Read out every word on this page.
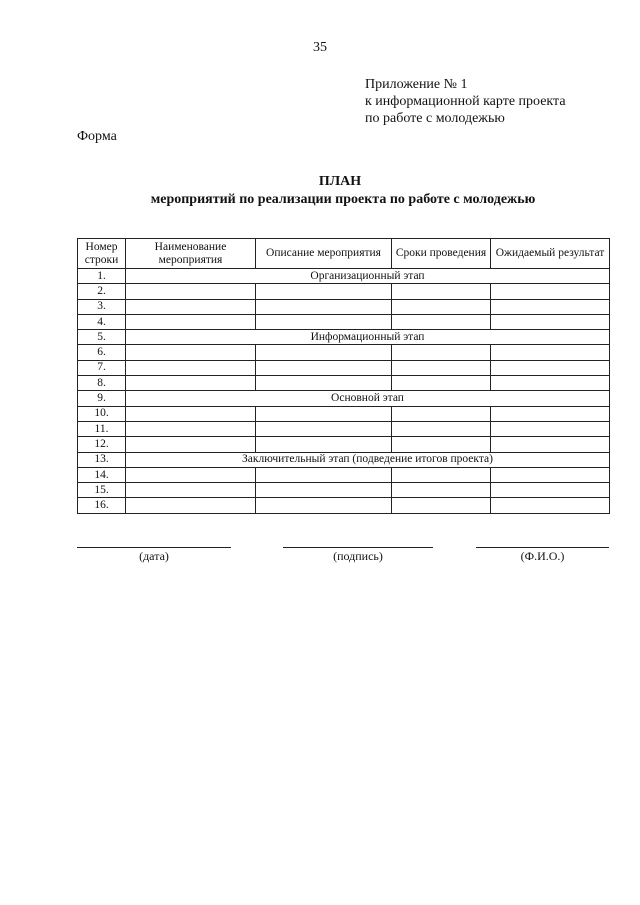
35
Приложение № 1
к информационной карте проекта
по работе с молодежью
Форма
ПЛАН
мероприятий по реализации проекта по работе с молодежью
Номер строки	Наименование мероприятия	Описание мероприятия	Сроки проведения	Ожидаемый результат
1.	Организационный этап			
2.				
3.				
4.				
5.	Информационный этап			
6.				
7.				
8.				
9.	Основной этап			
10.				
11.				
12.				
13.	Заключительный этап (подведение итогов проекта)			
14.				
15.				
16.				
(дата)	(подпись)	(Ф.И.О.)
